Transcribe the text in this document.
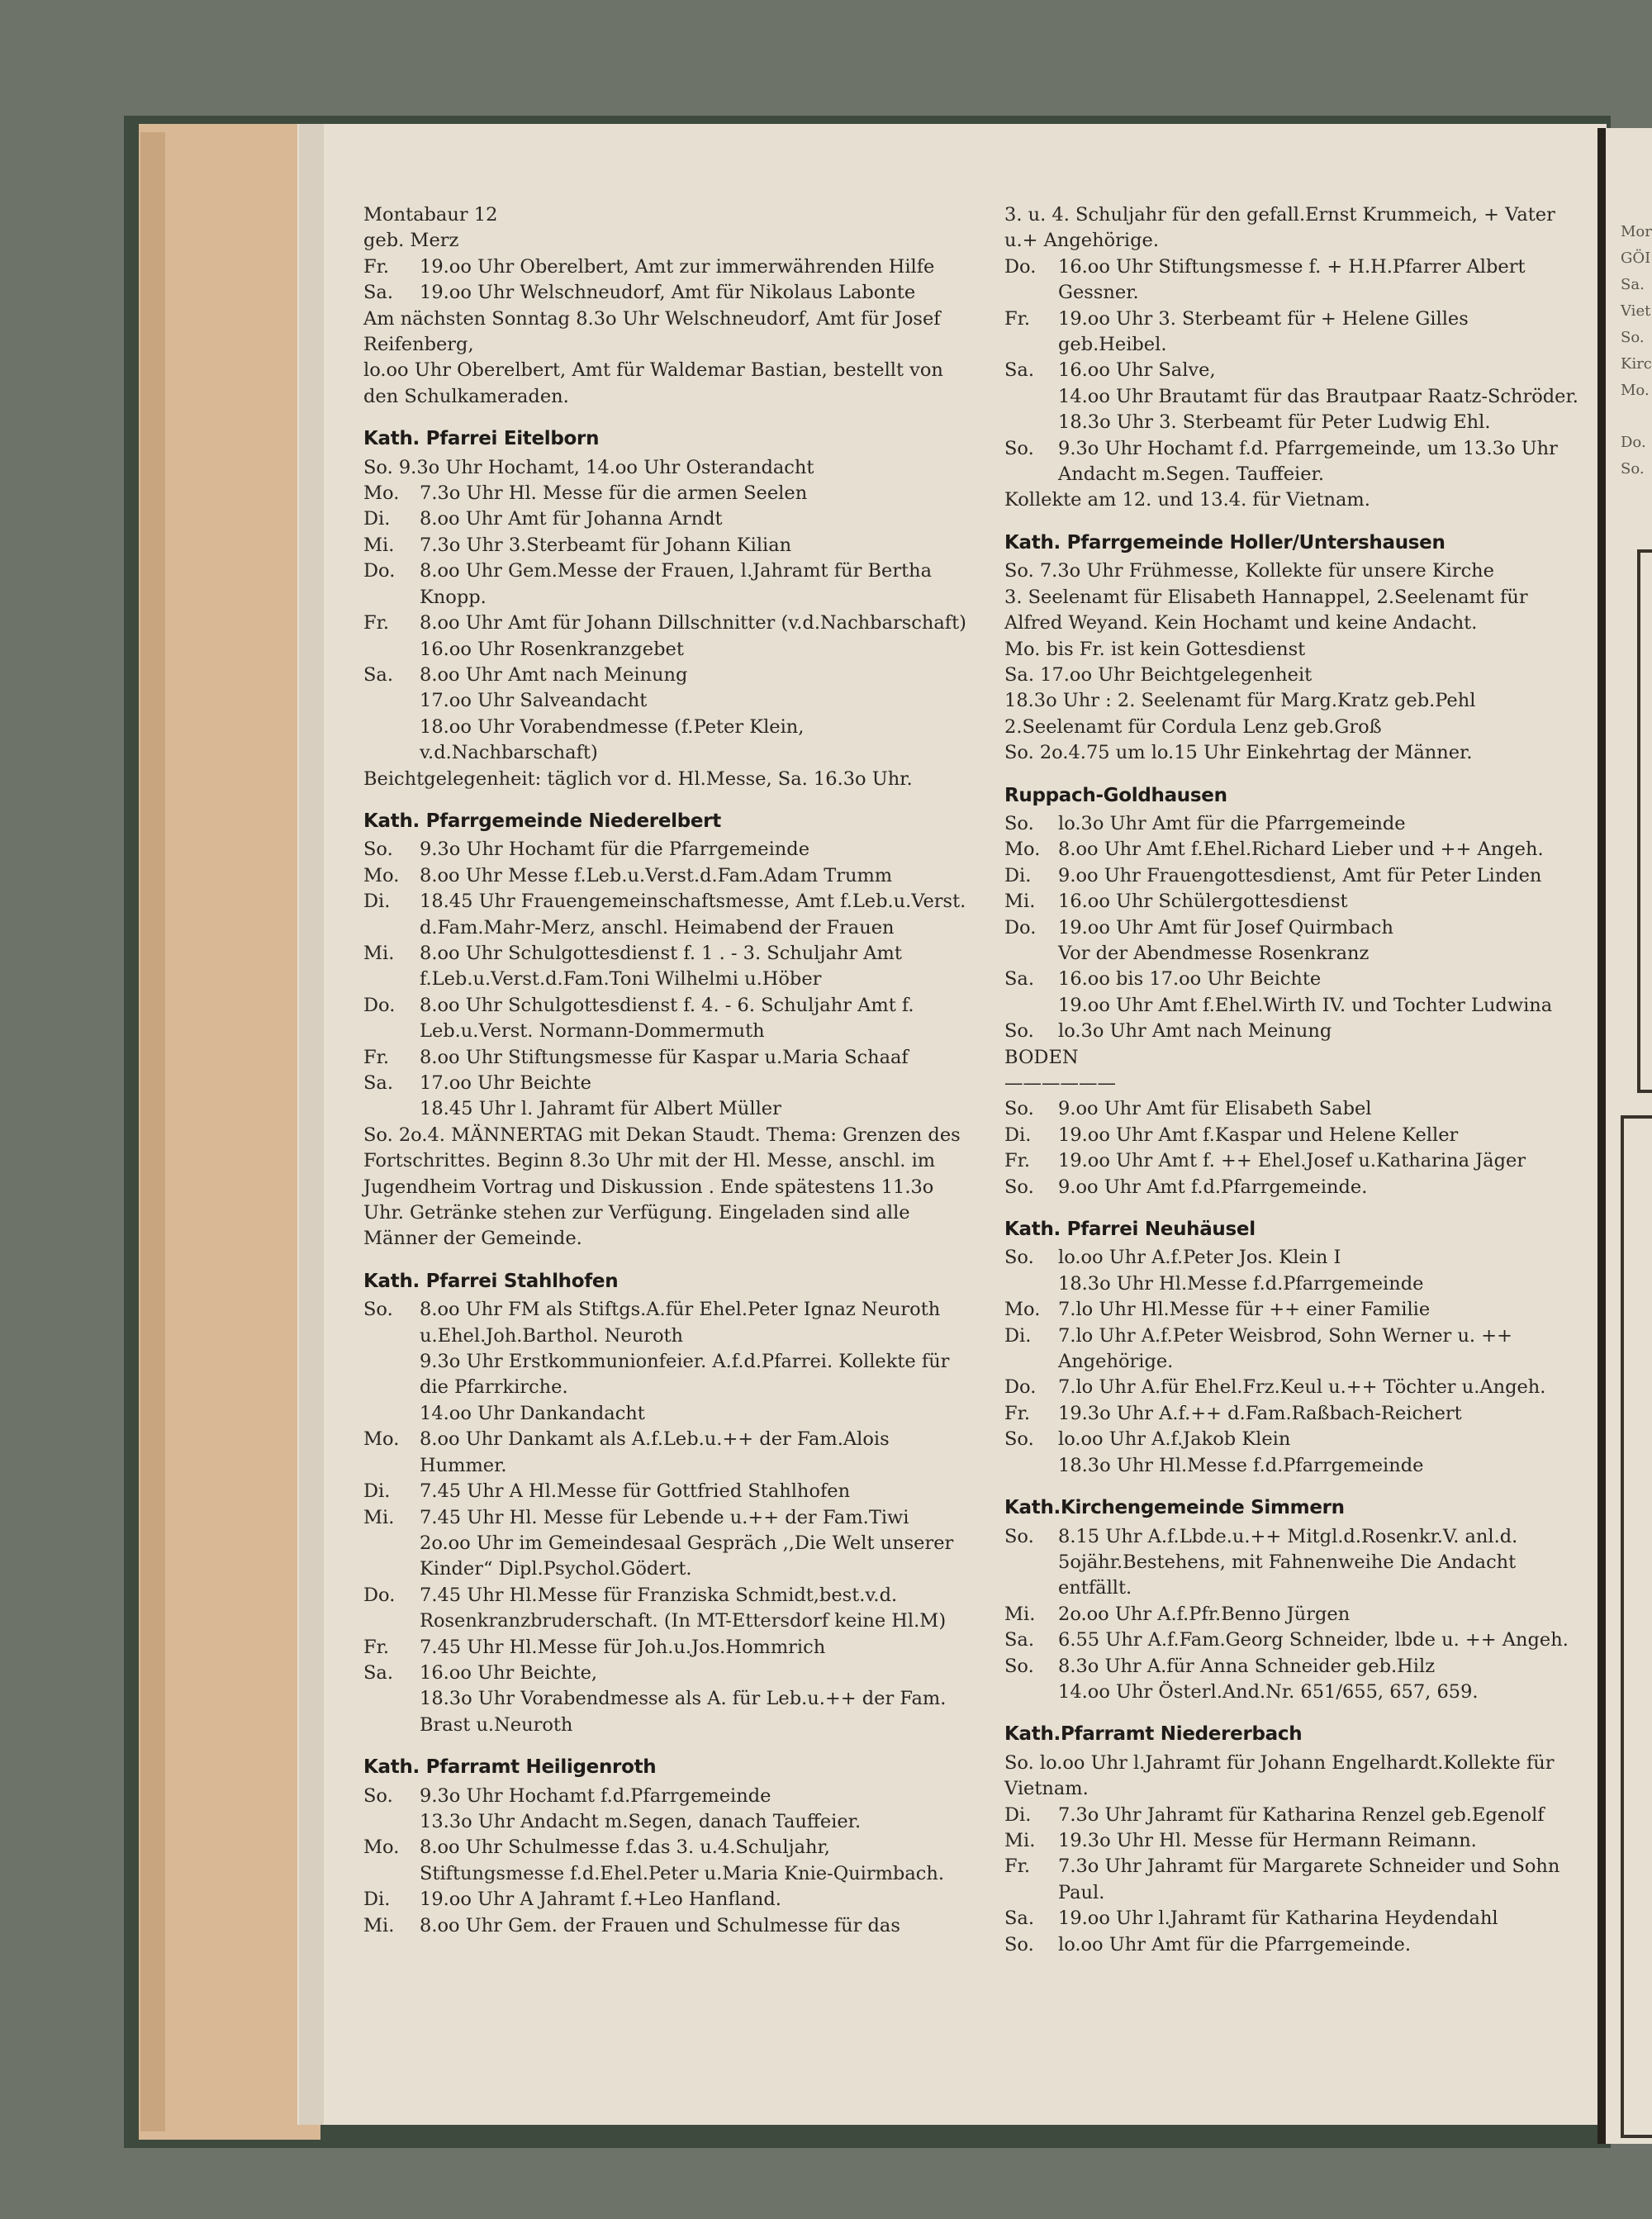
Mor
GÖI
Sa.
Viet
So.
Kirc
Mo.
Do.
So.
Montabaur 12
geb. Merz
Fr. 19.oo Uhr Oberelbert, Amt zur immerwährenden Hilfe
Sa. 19.oo Uhr Welschneudorf, Amt für Nikolaus Labonte
Am nächsten Sonntag 8.3o Uhr Welschneudorf, Amt für Josef Reifenberg,
lo.oo Uhr Oberelbert, Amt für Waldemar Bastian, bestellt von den Schulkameraden.
Kath. Pfarrei Eitelborn
So. 9.3o Uhr Hochamt, 14.oo Uhr Osterandacht
Mo. 7.3o Uhr Hl. Messe für die armen Seelen
Di. 8.oo Uhr Amt für Johanna Arndt
Mi. 7.3o Uhr 3.Sterbeamt für Johann Kilian
Do. 8.oo Uhr Gem.Messe der Frauen, l.Jahramt für Bertha Knopp.
Fr. 8.oo Uhr Amt für Johann Dillschnitter (v.d.Nachbarschaft)
16.oo Uhr Rosenkranzgebet
Sa. 8.oo Uhr Amt nach Meinung
17.oo Uhr Salveandacht
18.oo Uhr Vorabendmesse (f.Peter Klein, v.d.Nachbarschaft)
Beichtgelegenheit: täglich vor d. Hl.Messe, Sa. 16.3o Uhr.
Kath. Pfarrgemeinde Niederelbert
So. 9.3o Uhr Hochamt für die Pfarrgemeinde
Mo. 8.oo Uhr Messe f.Leb.u.Verst.d.Fam.Adam Trumm
Di. 18.45 Uhr Frauengemeinschaftsmesse, Amt f.Leb.u.Verst. d.Fam.Mahr-Merz, anschl. Heimabend der Frauen
Mi. 8.oo Uhr Schulgottesdienst f. 1 . - 3. Schuljahr Amt f.Leb.u.Verst.d.Fam.Toni Wilhelmi u.Höber
Do. 8.oo Uhr Schulgottesdienst f. 4. - 6. Schuljahr Amt f. Leb.u.Verst. Normann-Dommermuth
Fr. 8.oo Uhr Stiftungsmesse für Kaspar u.Maria Schaaf
Sa. 17.oo Uhr Beichte
18.45 Uhr l. Jahramt für Albert Müller
So. 2o.4. MÄNNERTAG mit Dekan Staudt. Thema: Grenzen des Fortschrittes. Beginn 8.3o Uhr mit der Hl. Messe, anschl. im Jugendheim Vortrag und Diskussion . Ende spätestens 11.3o Uhr. Getränke stehen zur Verfügung. Eingeladen sind alle Männer der Gemeinde.
Kath. Pfarrei Stahlhofen
So. 8.oo Uhr FM als Stiftgs.A.für Ehel.Peter Ignaz Neuroth u.Ehel.Joh.Barthol. Neuroth
9.3o Uhr Erstkommunionfeier. A.f.d.Pfarrei. Kollekte für die Pfarrkirche.
14.oo Uhr Dankandacht
Mo. 8.oo Uhr Dankamt als A.f.Leb.u.++ der Fam.Alois Hummer.
Di. 7.45 Uhr A Hl.Messe für Gottfried Stahlhofen
Mi. 7.45 Uhr Hl. Messe für Lebende u.++ der Fam.Tiwi
2o.oo Uhr im Gemeindesaal Gespräch ,,Die Welt unserer Kinder“ Dipl.Psychol.Gödert.
Do. 7.45 Uhr Hl.Messe für Franziska Schmidt,best.v.d. Rosenkranzbruderschaft. (In MT-Ettersdorf keine Hl.M)
Fr. 7.45 Uhr Hl.Messe für Joh.u.Jos.Hommrich
Sa. 16.oo Uhr Beichte,
18.3o Uhr Vorabendmesse als A. für Leb.u.++ der Fam. Brast u.Neuroth
Kath. Pfarramt Heiligenroth
So. 9.3o Uhr Hochamt f.d.Pfarrgemeinde
13.3o Uhr Andacht m.Segen, danach Tauffeier.
Mo. 8.oo Uhr Schulmesse f.das 3. u.4.Schuljahr, Stiftungsmesse f.d.Ehel.Peter u.Maria Knie-Quirmbach.
Di. 19.oo Uhr A Jahramt f.+Leo Hanfland.
Mi. 8.oo Uhr Gem. der Frauen und Schulmesse für das
3. u. 4. Schuljahr für den gefall.Ernst Krummeich, + Vater u.+ Angehörige.
Do. 16.oo Uhr Stiftungsmesse f. + H.H.Pfarrer Albert Gessner.
Fr. 19.oo Uhr 3. Sterbeamt für + Helene Gilles geb.Heibel.
Sa. 16.oo Uhr Salve,
14.oo Uhr Brautamt für das Brautpaar Raatz-Schröder. 18.3o Uhr 3. Sterbeamt für Peter Ludwig Ehl.
So. 9.3o Uhr Hochamt f.d. Pfarrgemeinde, um 13.3o Uhr Andacht m.Segen. Tauffeier.
Kollekte am 12. und 13.4. für Vietnam.
Kath. Pfarrgemeinde Holler/Untershausen
So. 7.3o Uhr Frühmesse, Kollekte für unsere Kirche
3. Seelenamt für Elisabeth Hannappel, 2.Seelenamt für Alfred Weyand. Kein Hochamt und keine Andacht.
Mo. bis Fr. ist kein Gottesdienst
Sa. 17.oo Uhr Beichtgelegenheit
18.3o Uhr : 2. Seelenamt für Marg.Kratz geb.Pehl
2.Seelenamt für Cordula Lenz geb.Groß
So. 2o.4.75 um lo.15 Uhr Einkehrtag der Männer.
Ruppach-Goldhausen
So. lo.3o Uhr Amt für die Pfarrgemeinde
Mo. 8.oo Uhr Amt f.Ehel.Richard Lieber und ++ Angeh.
Di. 9.oo Uhr Frauengottesdienst, Amt für Peter Linden
Mi. 16.oo Uhr Schülergottesdienst
Do. 19.oo Uhr Amt für Josef Quirmbach
Vor der Abendmesse Rosenkranz
Sa. 16.oo bis 17.oo Uhr Beichte
19.oo Uhr Amt f.Ehel.Wirth IV. und Tochter Ludwina
So. lo.3o Uhr Amt nach Meinung
BODEN
——————
So. 9.oo Uhr Amt für Elisabeth Sabel
Di. 19.oo Uhr Amt f.Kaspar und Helene Keller
Fr. 19.oo Uhr Amt f. ++ Ehel.Josef u.Katharina Jäger
So. 9.oo Uhr Amt f.d.Pfarrgemeinde.
Kath. Pfarrei Neuhäusel
So. lo.oo Uhr A.f.Peter Jos. Klein I
18.3o Uhr Hl.Messe f.d.Pfarrgemeinde
Mo. 7.lo Uhr Hl.Messe für ++ einer Familie
Di. 7.lo Uhr A.f.Peter Weisbrod, Sohn Werner u. ++ Angehörige.
Do. 7.lo Uhr A.für Ehel.Frz.Keul u.++ Töchter u.Angeh.
Fr. 19.3o Uhr A.f.++ d.Fam.Raßbach-Reichert
So. lo.oo Uhr A.f.Jakob Klein
18.3o Uhr Hl.Messe f.d.Pfarrgemeinde
Kath.Kirchengemeinde Simmern
So. 8.15 Uhr A.f.Lbde.u.++ Mitgl.d.Rosenkr.V. anl.d. 5ojähr.Bestehens, mit Fahnenweihe Die Andacht entfällt.
Mi. 2o.oo Uhr A.f.Pfr.Benno Jürgen
Sa. 6.55 Uhr A.f.Fam.Georg Schneider, lbde u. ++ Angeh.
So. 8.3o Uhr A.für Anna Schneider geb.Hilz
14.oo Uhr Österl.And.Nr. 651/655, 657, 659.
Kath.Pfarramt Niedererbach
So. lo.oo Uhr l.Jahramt für Johann Engelhardt.Kollekte für Vietnam.
Di. 7.3o Uhr Jahramt für Katharina Renzel geb.Egenolf
Mi. 19.3o Uhr Hl. Messe für Hermann Reimann.
Fr. 7.3o Uhr Jahramt für Margarete Schneider und Sohn Paul.
Sa. 19.oo Uhr l.Jahramt für Katharina Heydendahl
So. lo.oo Uhr Amt für die Pfarrgemeinde.
